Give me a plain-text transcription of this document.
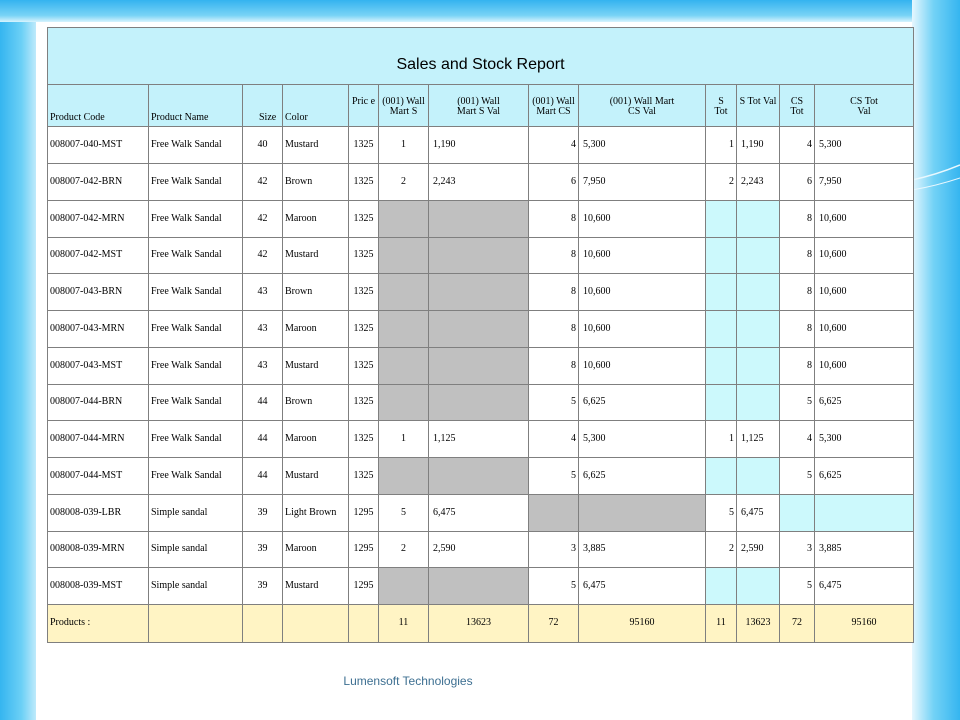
Sales and Stock Report												
Product Code	Product Name	Size	Color	Pric e	(001) Wall Mart S	(001) Wall Mart S Val	(001) Wall Mart CS	(001) Wall Mart CS Val	S Tot	S Tot Val	CS Tot	CS Tot Val
008007-040-MST	Free Walk Sandal	40	Mustard	1325	1	1,190	4	5,300	1	1,190	4	5,300
008007-042-BRN	Free Walk Sandal	42	Brown	1325	2	2,243	6	7,950	2	2,243	6	7,950
008007-042-MRN	Free Walk Sandal	42	Maroon	1325			8	10,600			8	10,600
008007-042-MST	Free Walk Sandal	42	Mustard	1325			8	10,600			8	10,600
008007-043-BRN	Free Walk Sandal	43	Brown	1325			8	10,600			8	10,600
008007-043-MRN	Free Walk Sandal	43	Maroon	1325			8	10,600			8	10,600
008007-043-MST	Free Walk Sandal	43	Mustard	1325			8	10,600			8	10,600
008007-044-BRN	Free Walk Sandal	44	Brown	1325			5	6,625			5	6,625
008007-044-MRN	Free Walk Sandal	44	Maroon	1325	1	1,125	4	5,300	1	1,125	4	5,300
008007-044-MST	Free Walk Sandal	44	Mustard	1325			5	6,625			5	6,625
008008-039-LBR	Simple sandal	39	Light Brown	1295	5	6,475			5	6,475		
008008-039-MRN	Simple sandal	39	Maroon	1295	2	2,590	3	3,885	2	2,590	3	3,885
008008-039-MST	Simple sandal	39	Mustard	1295			5	6,475			5	6,475
Products :					11	13623	72	95160	11	13623	72	95160
Lumensoft Technologies
